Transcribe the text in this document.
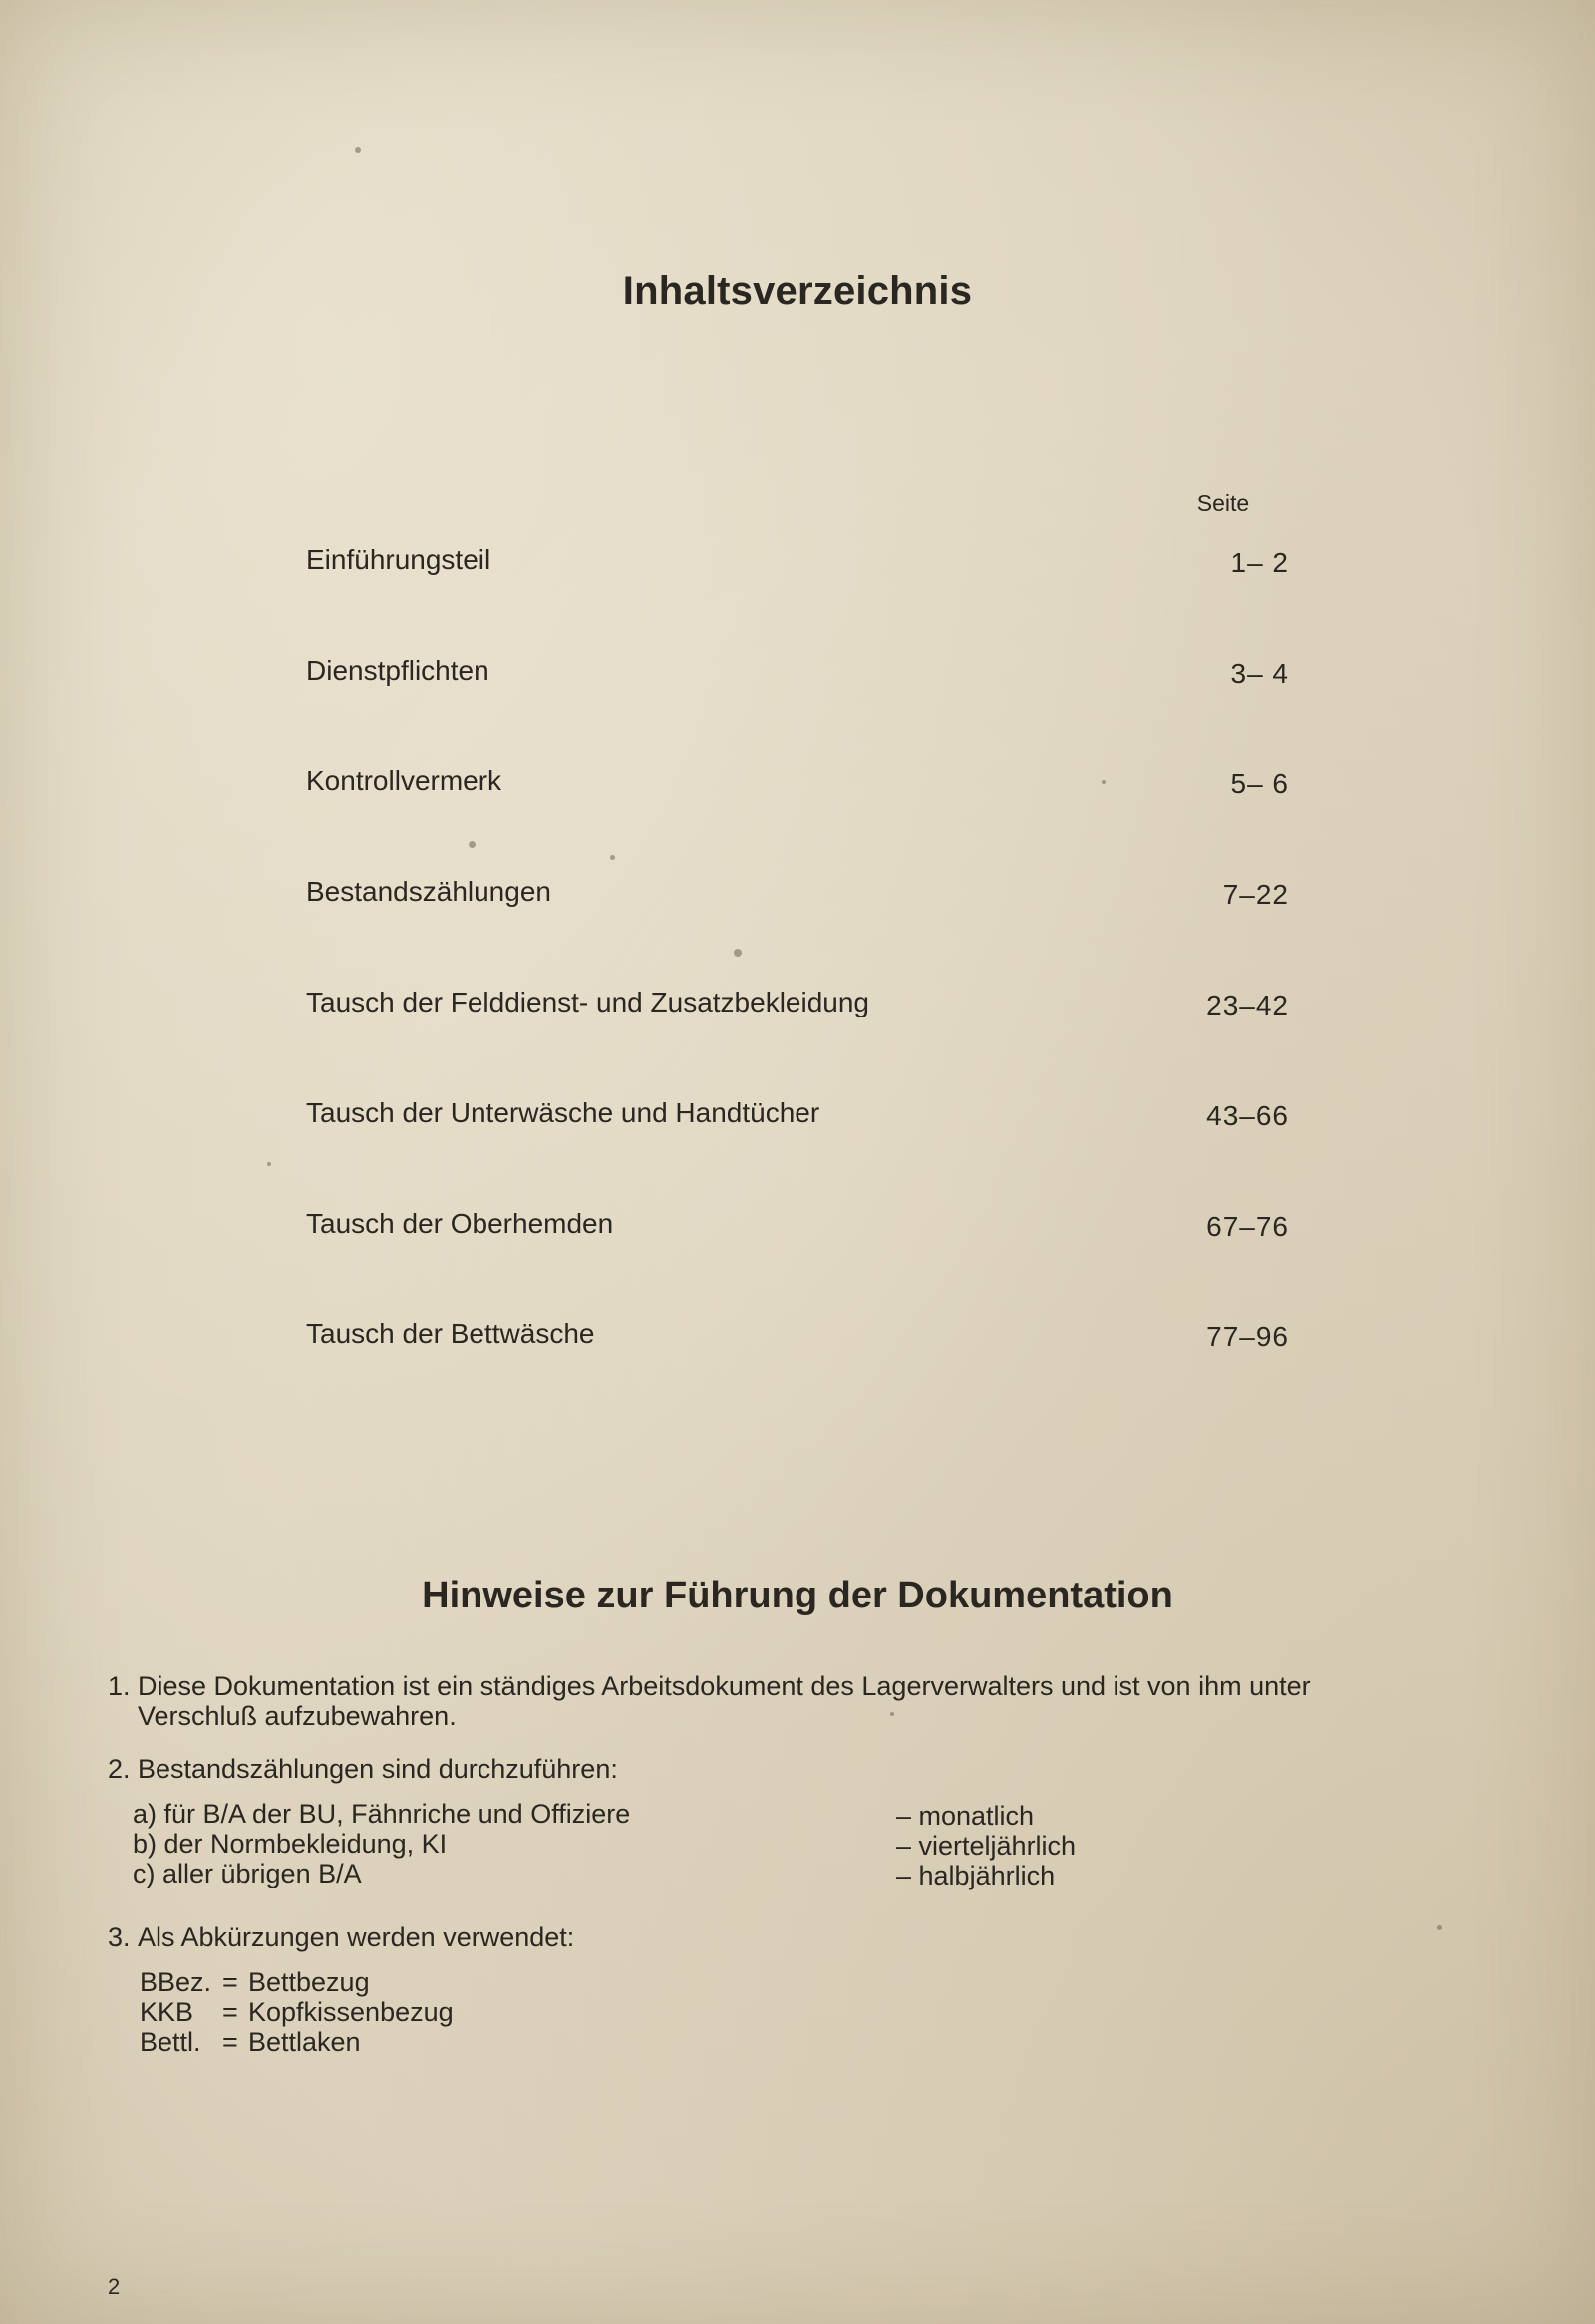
Inhaltsverzeichnis
Seite
Einführungsteil	1– 2
Dienstpflichten	3– 4
Kontrollvermerk	5– 6
Bestandszählungen	7–22
Tausch der Felddienst- und Zusatzbekleidung	23–42
Tausch der Unterwäsche und Handtücher	43–66
Tausch der Oberhemden	67–76
Tausch der Bettwäsche	77–96
Hinweise zur Führung der Dokumentation
1. Diese Dokumentation ist ein ständiges Arbeitsdokument des Lagerverwalters und ist von ihm unter
Verschluß aufzubewahren.
2. Bestandszählungen sind durchzuführen:
a) für B/A der BU, Fähnriche und Offiziere	– monatlich
b) der Normbekleidung, KI	– vierteljährlich
c) aller übrigen B/A	– halbjährlich
3. Als Abkürzungen werden verwendet:
BBez. = Bettbezug
KKB = Kopfkissenbezug
Bettl. = Bettlaken
2
